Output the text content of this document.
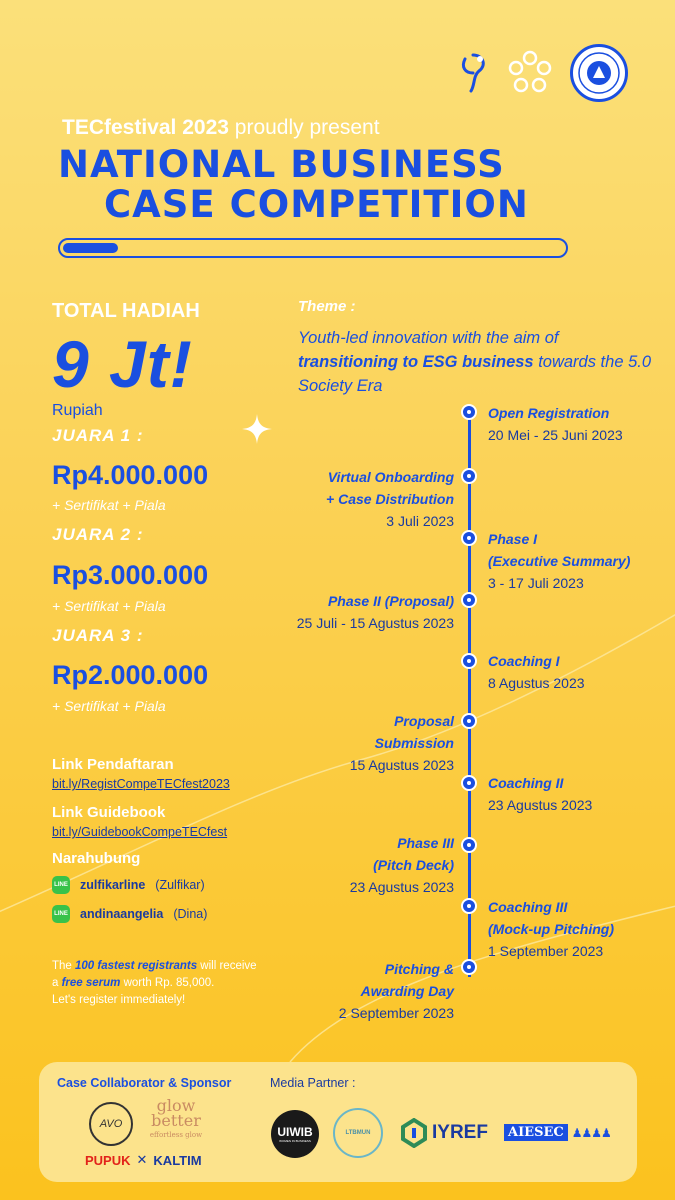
TECfestival 2023 proudly present
NATIONAL BUSINESS
CASE COMPETITION
TOTAL HADIAH
9 Jt!
Rupiah
JUARA 1 :
Rp4.000.000
+ Sertifikat + Piala
JUARA 2 :
Rp3.000.000
+ Sertifikat + Piala
JUARA 3 :
Rp2.000.000
+ Sertifikat + Piala
Link Pendaftaran
bit.ly/RegistCompeTECfest2023
Link Guidebook
bit.ly/GuidebookCompeTECfest
Narahubung
LINE zulfikarline (Zulfikar)
LINE andinaangelia (Dina)
The 100 fastest registrants will receive a free serum worth Rp. 85,000.
Let's register immediately!
Theme :
Youth-led innovation with the aim of transitioning to ESG business towards the 5.0 Society Era
Open Registration
20 Mei - 25 Juni 2023
Virtual Onboarding
+ Case Distribution
3 Juli 2023
Phase I
(Executive Summary)
3 - 17 Juli 2023
Phase II (Proposal)
25 Juli - 15 Agustus 2023
Coaching I
8 Agustus 2023
Proposal
Submission
15 Agustus 2023
Coaching II
23 Agustus 2023
Phase III
(Pitch Deck)
23 Agustus 2023
Coaching III
(Mock-up Pitching)
1 September 2023
Pitching &
Awarding Day
2 September 2023
Case Collaborator & Sponsor	Media Partner :
AVO
glow
better
effortless glow
PUPUK ✕ KALTIM
UIWIB
WOMEN IN BUSINESS
LTBMUN	IYREF	AIESEC ♟♟♟♟
